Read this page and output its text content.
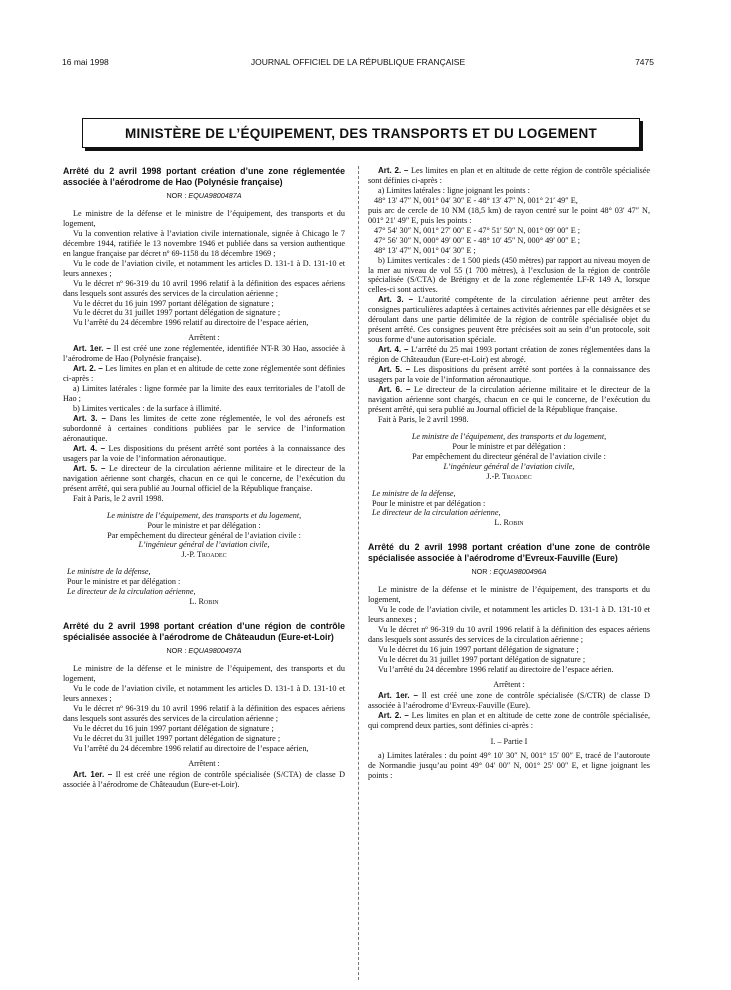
16 mai 1998	JOURNAL OFFICIEL DE LA RÉPUBLIQUE FRANÇAISE	7475
MINISTÈRE DE L’ÉQUIPEMENT, DES TRANSPORTS ET DU LOGEMENT

Arrêté du 2 avril 1998 portant création d’une zone réglementée associée à l’aérodrome de Hao (Polynésie française)

NOR : EQUA9800487A

Le ministre de la défense et le ministre de l’équipement, des transports et du logement,

Vu la convention relative à l’aviation civile internationale, signée à Chicago le 7 décembre 1944, ratifiée le 13 novembre 1946 et publiée dans sa version authentique en langue française par décret nº 69-1158 du 18 décembre 1969 ;

Vu le code de l’aviation civile, et notamment les articles D. 131-1 à D. 131-10 et leurs annexes ;

Vu le décret nº 96-319 du 10 avril 1996 relatif à la définition des espaces aériens dans lesquels sont assurés des services de la circulation aérienne ;

Vu le décret du 16 juin 1997 portant délégation de signature ;

Vu le décret du 31 juillet 1997 portant délégation de signature ;

Vu l’arrêté du 24 décembre 1996 relatif au directoire de l’espace aérien,

Arrêtent :

Art. 1er. – Il est créé une zone réglementée, identifiée NT-R 30 Hao, associée à l’aérodrome de Hao (Polynésie française).

Art. 2. – Les limites en plan et en altitude de cette zone réglementée sont définies ci-après :

a) Limites latérales : ligne formée par la limite des eaux territoriales de l’atoll de Hao ;

b) Limites verticales : de la surface à illimité.

Art. 3. – Dans les limites de cette zone réglementée, le vol des aéronefs est subordonné à certaines conditions publiées par le service de l’information aéronautique.

Art. 4. – Les dispositions du présent arrêté sont portées à la connaissance des usagers par la voie de l’information aéronautique.

Art. 5. – Le directeur de la circulation aérienne militaire et le directeur de la navigation aérienne sont chargés, chacun en ce qui le concerne, de l’exécution du présent arrêté, qui sera publié au Journal officiel de la République française.

Fait à Paris, le 2 avril 1998.

Le ministre de l’équipement, des transports et du logement,

Pour le ministre et par délégation :

Par empêchement du directeur général de l’aviation civile :

L’ingénieur général de l’aviation civile,

J.-P. Troadec

Le ministre de la défense,

Pour le ministre et par délégation :

Le directeur de la circulation aérienne,

L. Robin

Arrêté du 2 avril 1998 portant création d’une région de contrôle spécialisée associée à l’aérodrome de Châteaudun (Eure-et-Loir)

NOR : EQUA9800497A

Le ministre de la défense et le ministre de l’équipement, des transports et du logement,

Vu le code de l’aviation civile, et notamment les articles D. 131-1 à D. 131-10 et leurs annexes ;

Vu le décret nº 96-319 du 10 avril 1996 relatif à la définition des espaces aériens dans lesquels sont assurés des services de la circulation aérienne ;

Vu le décret du 16 juin 1997 portant délégation de signature ;

Vu le décret du 31 juillet 1997 portant délégation de signature ;

Vu l’arrêté du 24 décembre 1996 relatif au directoire de l’espace aérien,

Arrêtent :

Art. 1er. – Il est créé une région de contrôle spécialisée (S/CTA) de classe D associée à l’aérodrome de Châteaudun (Eure-et-Loir).

Art. 2. – Les limites en plan et en altitude de cette région de contrôle spécialisée sont définies ci-après :

a) Limites latérales : ligne joignant les points :

48° 13′ 47″ N, 001° 04′ 30″ E - 48° 13′ 47″ N, 001° 21′ 49″ E,

puis arc de cercle de 10 NM (18,5 km) de rayon centré sur le point 48° 03′ 47″ N, 001° 21′ 49″ E, puis les points :

47° 54′ 30″ N, 001° 27′ 00″ E - 47° 51′ 50″ N, 001° 09′ 00″ E ;

47° 56′ 30″ N, 000° 49′ 00″ E - 48° 10′ 45″ N, 000° 49′ 00″ E ;

48° 13′ 47″ N, 001° 04′ 30″ E ;

b) Limites verticales : de 1 500 pieds (450 mètres) par rapport au niveau moyen de la mer au niveau de vol 55 (1 700 mètres), à l’exclusion de la région de contrôle spécialisée (S/CTA) de Brétigny et de la zone réglementée LF-R 149 A, lorsque celles-ci sont actives.

Art. 3. – L’autorité compétente de la circulation aérienne peut arrêter des consignes particulières adaptées à certaines activités aériennes par elle désignées et se déroulant dans une partie délimitée de la région de contrôle spécialisée objet du présent arrêté. Ces consignes peuvent être précisées soit au sein d’un protocole, soit sous forme d’une autorisation spéciale.

Art. 4. – L’arrêté du 25 mai 1993 portant création de zones réglementées dans la région de Châteaudun (Eure-et-Loir) est abrogé.

Art. 5. – Les dispositions du présent arrêté sont portées à la connaissance des usagers par la voie de l’information aéronautique.

Art. 6. – Le directeur de la circulation aérienne militaire et le directeur de la navigation aérienne sont chargés, chacun en ce qui le concerne, de l’exécution du présent arrêté, qui sera publié au Journal officiel de la République française.

Fait à Paris, le 2 avril 1998.

Le ministre de l’équipement, des transports et du logement,

Pour le ministre et par délégation :

Par empêchement du directeur général de l’aviation civile :

L’ingénieur général de l’aviation civile,

J.-P. Troadec

Le ministre de la défense,

Pour le ministre et par délégation :

Le directeur de la circulation aérienne,

L. Robin

Arrêté du 2 avril 1998 portant création d’une zone de contrôle spécialisée associée à l’aérodrome d’Evreux-Fauville (Eure)

NOR : EQUA9800496A

Le ministre de la défense et le ministre de l’équipement, des transports et du logement,

Vu le code de l’aviation civile, et notamment les articles D. 131-1 à D. 131-10 et leurs annexes ;

Vu le décret nº 96-319 du 10 avril 1996 relatif à la définition des espaces aériens dans lesquels sont assurés des services de la circulation aérienne ;

Vu le décret du 16 juin 1997 portant délégation de signature ;

Vu le décret du 31 juillet 1997 portant délégation de signature ;

Vu l’arrêté du 24 décembre 1996 relatif au directoire de l’espace aérien.

Arrêtent :

Art. 1er. – Il est créé une zone de contrôle spécialisée (S/CTR) de classe D associée à l’aérodrome d’Evreux-Fauville (Eure).

Art. 2. – Les limites en plan et en altitude de cette zone de contrôle spécialisée, qui comprend deux parties, sont définies ci-après :

I. – Partie I

a) Limites latérales : du point 49° 10′ 30″ N, 001° 15′ 00″ E, tracé de l’autoroute de Normandie jusqu’au point 49° 04′ 00″ N, 001° 25′ 00″ E, et ligne joignant les points :
